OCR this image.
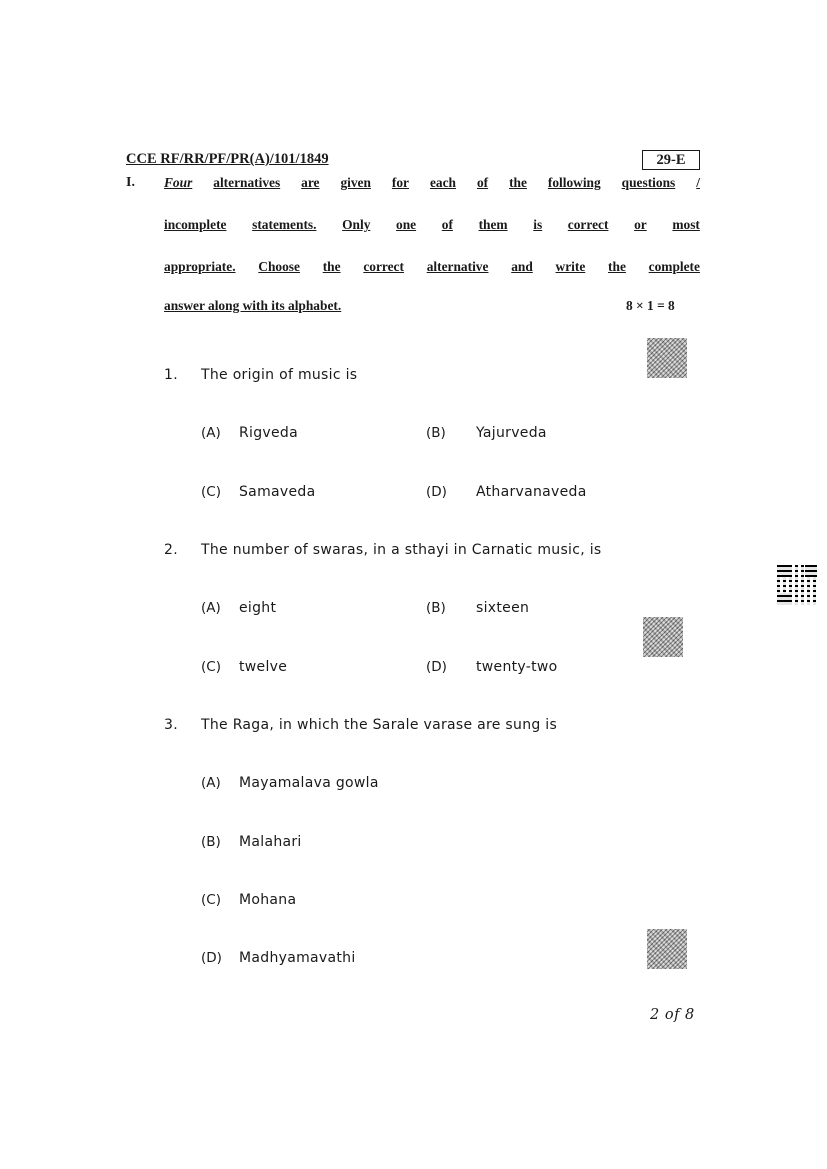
CCE RF/RR/PF/PR(A)/101/1849	29-E
I. Four alternatives are given for each of the following questions /
incomplete statements. Only one of them is correct or most
appropriate. Choose the correct alternative and write the complete
answer along with its alphabet.	8 × 1 = 8
1. The origin of music is
(A) Rigveda	(B) Yajurveda
(C) Samaveda	(D) Atharvanaveda
2. The number of swaras, in a sthayi in Carnatic music, is
(A) eight	(B) sixteen
(C) twelve	(D) twenty-two
3. The Raga, in which the Sarale varase are sung is
(A) Mayamalava gowla
(B) Malahari
(C) Mohana
(D) Madhyamavathi
2 of 8
